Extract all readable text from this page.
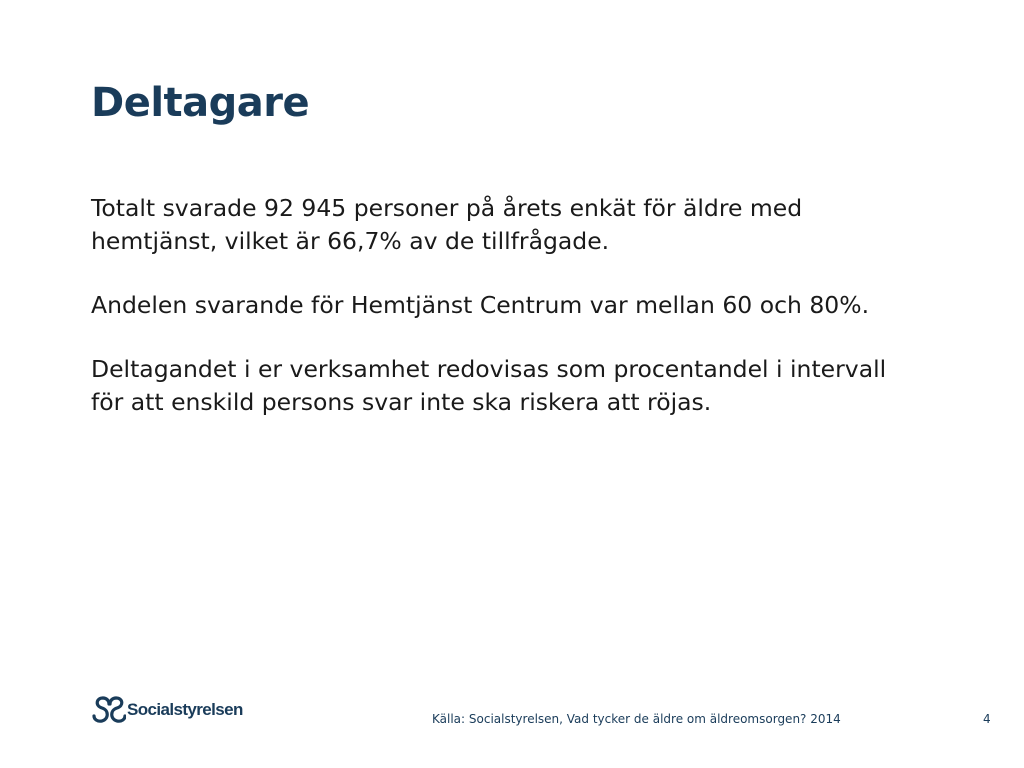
Deltagare

Totalt svarade 92 945 personer på årets enkät för äldre med hemtjänst, vilket är 66,7% av de tillfrågade.

Andelen svarande för Hemtjänst Centrum var mellan 60 och 80%.

Deltagandet i er verksamhet redovisas som procentandel i intervall för att enskild persons svar inte ska riskera att röjas.

Socialstyrelsen	Källa: Socialstyrelsen, Vad tycker de äldre om äldreomsorgen? 2014	4
